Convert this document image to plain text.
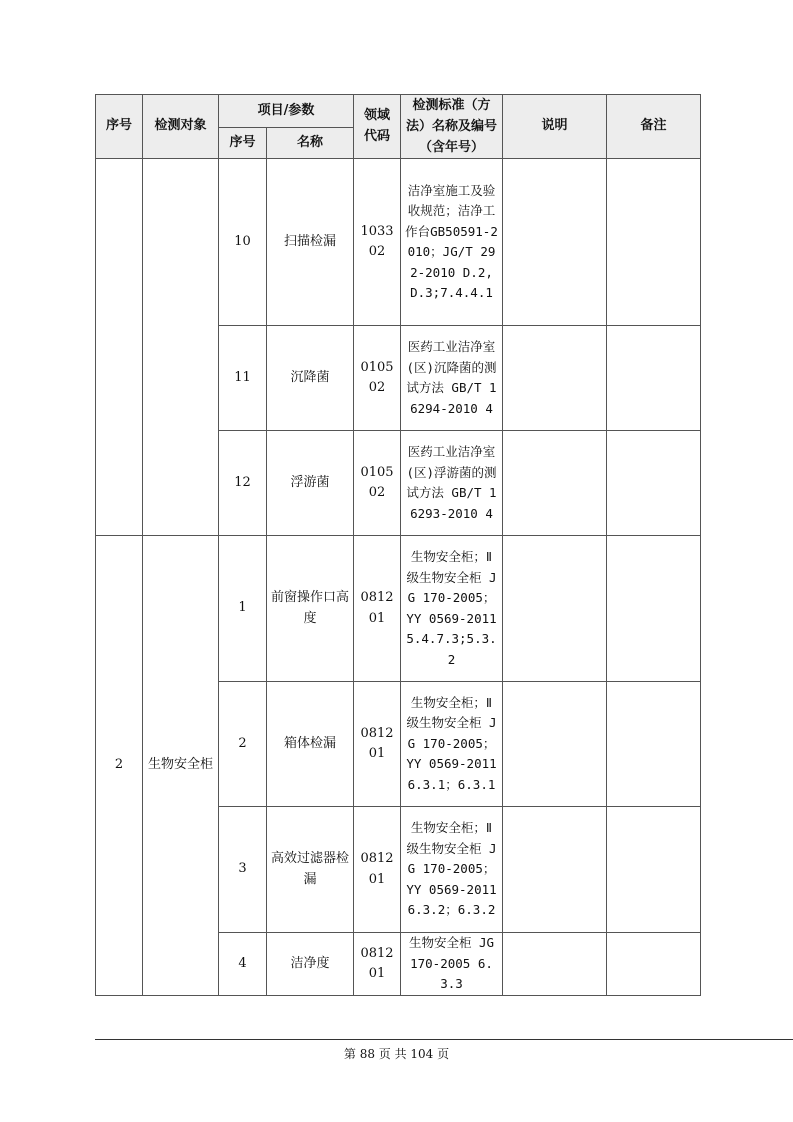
序号	检测对象	项目/参数		领域代码	检测标准（方法）名称及编号（含年号）	说明	备注
		序号	名称				
		10	扫描检漏	103302	洁净室施工及验收规范；洁净工作台GB50591-2010；JG/T 292-2010 D.2,D.3;7.4.4.1		
		11	沉降菌	010502	医药工业洁净室(区)沉降菌的测试方法 GB/T 16294-2010 4		
		12	浮游菌	010502	医药工业洁净室(区)浮游菌的测试方法 GB/T 16293-2010 4		
2	生物安全柜	1	前窗操作口高度	081201	生物安全柜；Ⅱ级生物安全柜 JG 170-2005；YY 0569-2011 5.4.7.3;5.3.2		
		2	箱体检漏	081201	生物安全柜；Ⅱ级生物安全柜 JG 170-2005；YY 0569-2011 6.3.1；6.3.1		
		3	高效过滤器检漏	081201	生物安全柜；Ⅱ级生物安全柜 JG 170-2005；YY 0569-2011 6.3.2；6.3.2		
		4	洁净度	081201	生物安全柜 JG 170-2005 6.3.3		
第 88 页 共 104 页
